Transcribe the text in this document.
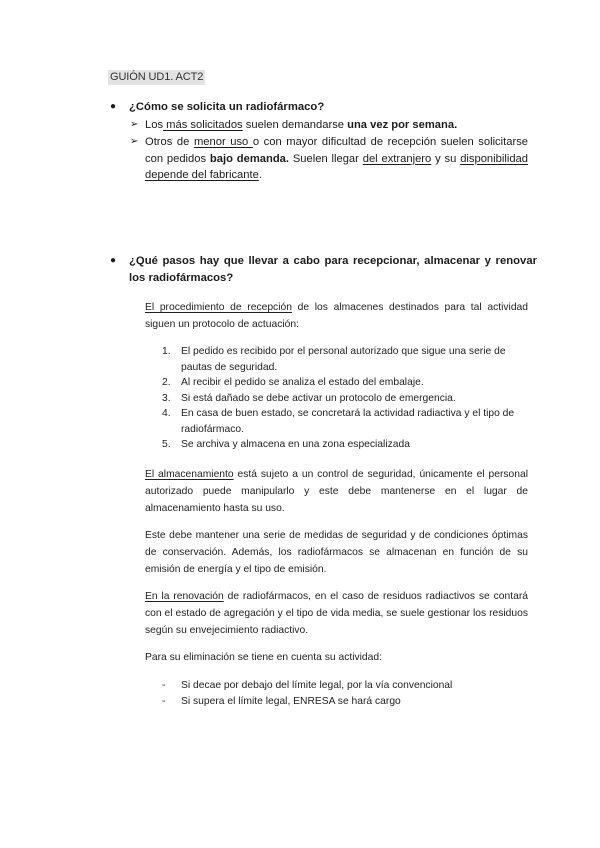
GUIÓN UD1. ACT2
● ¿Cómo se solicita un radiofármaco?
➢ Los más solicitados suelen demandarse una vez por semana.
➢ Otros de menor uso o con mayor dificultad de recepción suelen solicitarse con pedidos bajo demanda. Suelen llegar del extranjero y su disponibilidad depende del fabricante.
● ¿Qué pasos hay que llevar a cabo para recepcionar, almacenar y renovar los radiofármacos?
El procedimiento de recepción de los almacenes destinados para tal actividad siguen un protocolo de actuación:
1. El pedido es recibido por el personal autorizado que sigue una serie de pautas de seguridad.
2. Al recibir el pedido se analiza el estado del embalaje.
3. Si está dañado se debe activar un protocolo de emergencia.
4. En casa de buen estado, se concretará la actividad radiactiva y el tipo de radiofármaco.
5. Se archiva y almacena en una zona especializada
El almacenamiento está sujeto a un control de seguridad, únicamente el personal autorizado puede manipularlo y este debe mantenerse en el lugar de almacenamiento hasta su uso.
Este debe mantener una serie de medidas de seguridad y de condiciones óptimas de conservación. Además, los radiofármacos se almacenan en función de su emisión de energía y el tipo de emisión.
En la renovación de radiofármacos, en el caso de residuos radiactivos se contará con el estado de agregación y el tipo de vida media, se suele gestionar los residuos según su envejecimiento radiactivo.
Para su eliminación se tiene en cuenta su actividad:
- Si decae por debajo del límite legal, por la vía convencional
- Si supera el límite legal, ENRESA se hará cargo
